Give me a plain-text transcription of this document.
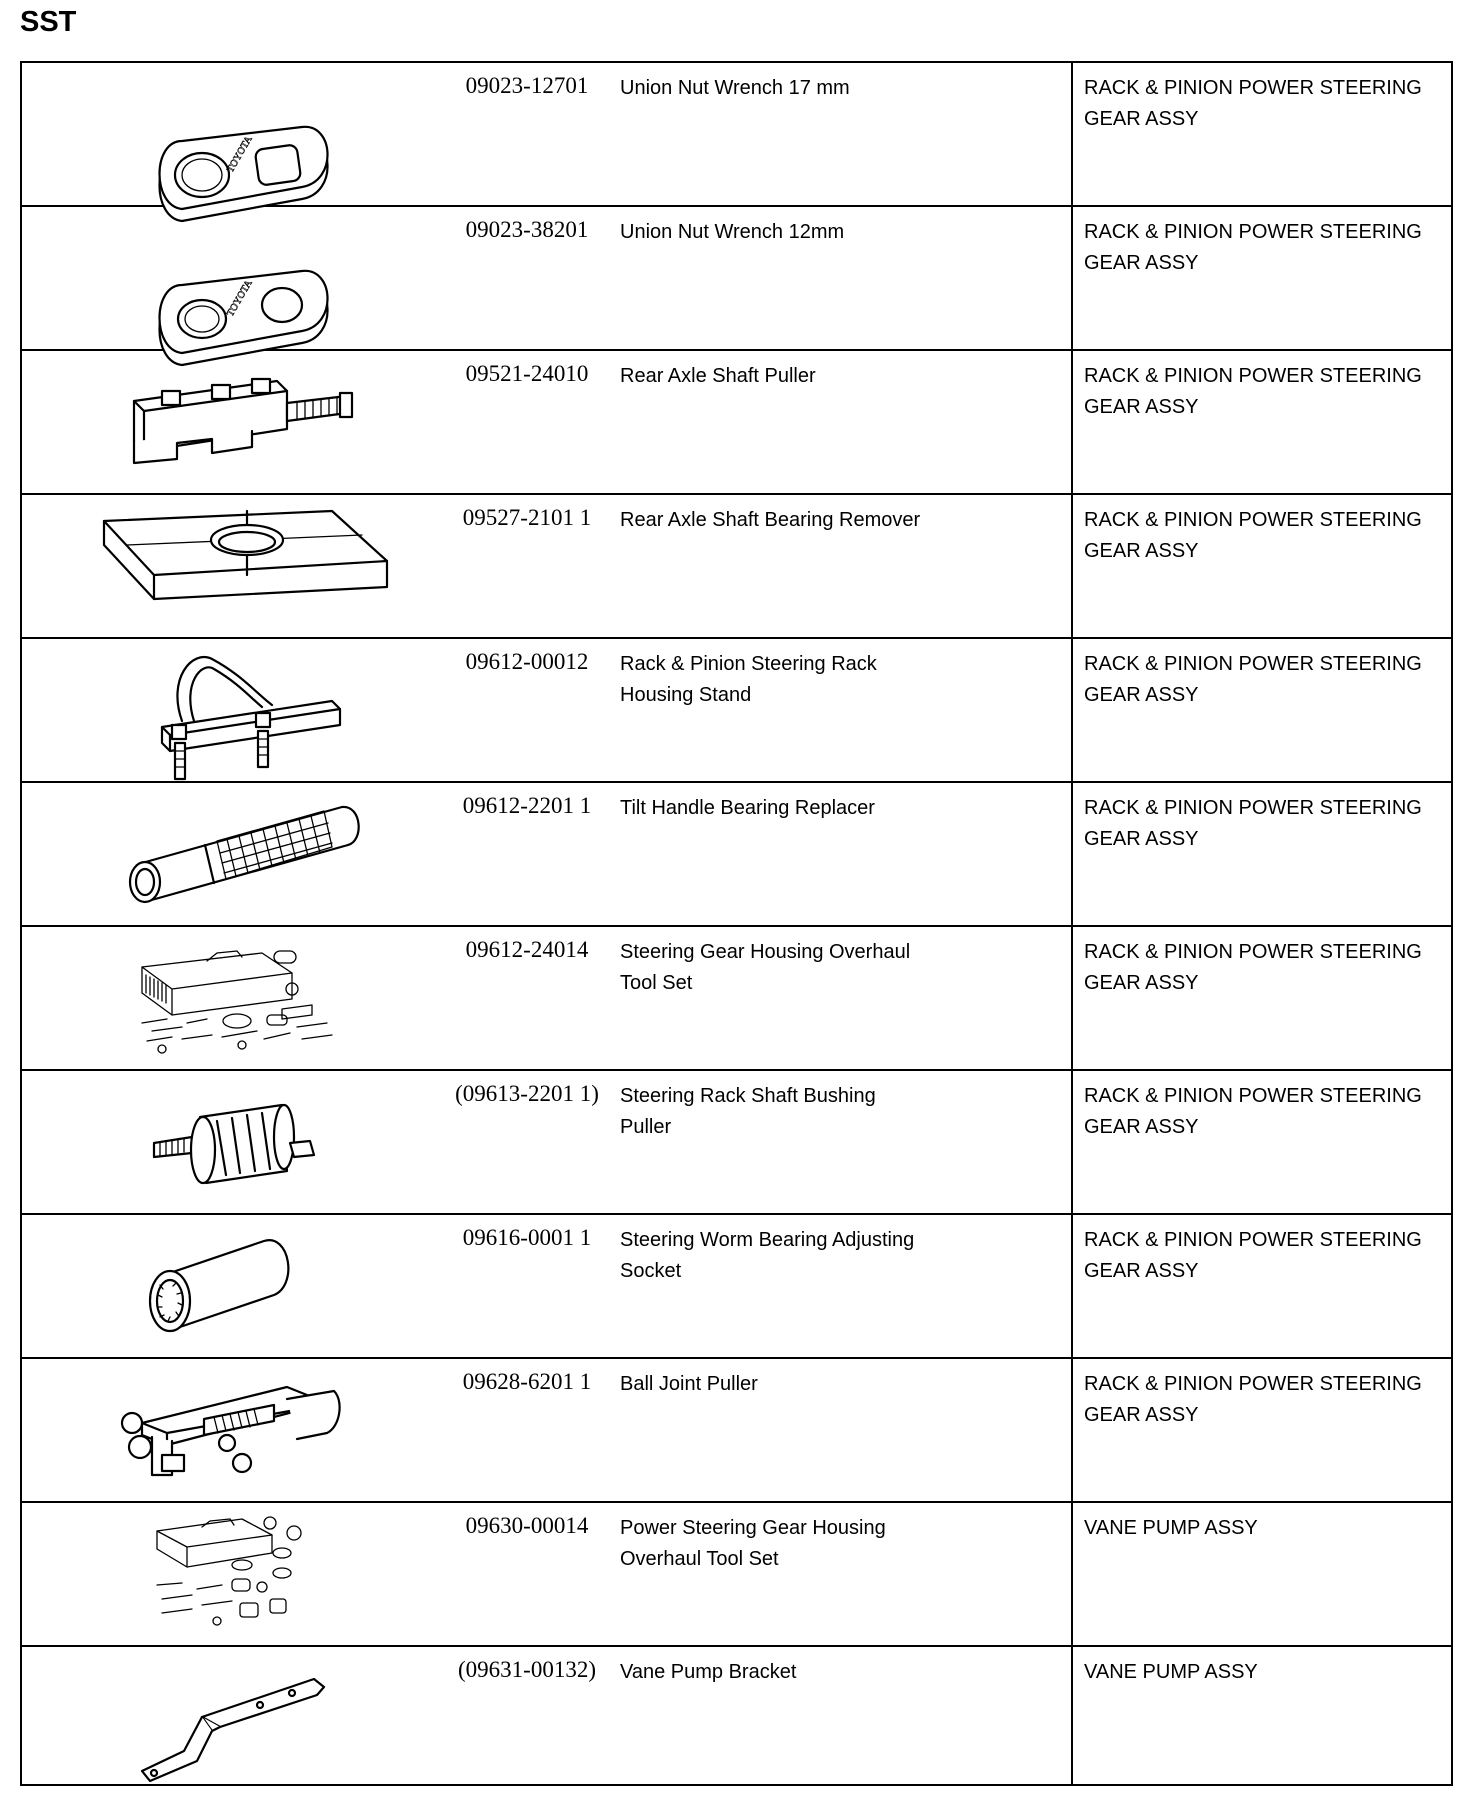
SST
TOYOTA
09023-12701	Union Nut Wrench 17 mm	RACK & PINION POWER STEERING
GEAR ASSY
TOYOTA
09023-38201	Union Nut Wrench 12mm	RACK & PINION POWER STEERING
GEAR ASSY
09521-24010	Rear Axle Shaft Puller	RACK & PINION POWER STEERING
GEAR ASSY
09527-2101 1	Rear Axle Shaft Bearing Remover	RACK & PINION POWER STEERING
GEAR ASSY
09612-00012	Rack & Pinion Steering Rack
Housing Stand
RACK & PINION POWER STEERING
GEAR ASSY
09612-2201 1	Tilt Handle Bearing Replacer	RACK & PINION POWER STEERING
GEAR ASSY
09612-24014	Steering Gear Housing Overhaul
Tool Set
RACK & PINION POWER STEERING
GEAR ASSY
(09613-2201 1)	Steering Rack Shaft Bushing
Puller
RACK & PINION POWER STEERING
GEAR ASSY
09616-0001 1	Steering Worm Bearing Adjusting
Socket
RACK & PINION POWER STEERING
GEAR ASSY
09628-6201 1	Ball Joint Puller	RACK & PINION POWER STEERING
GEAR ASSY
09630-00014	Power Steering Gear Housing
Overhaul Tool Set
VANE PUMP ASSY
(09631-00132)	Vane Pump Bracket	VANE PUMP ASSY
